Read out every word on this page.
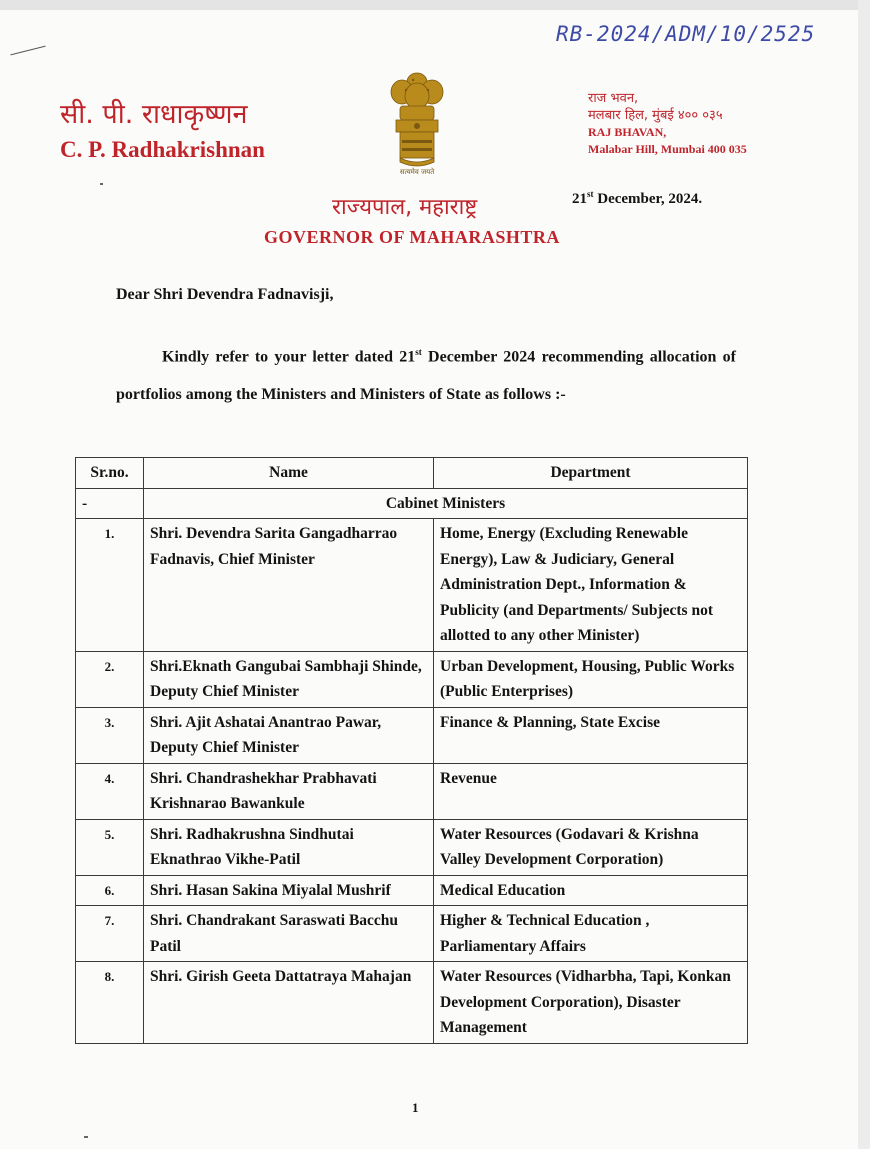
RB-2024/ADM/10/2525
सी. पी. राधाकृष्णन
C. P. Radhakrishnan
सत्यमेव जयते
राज भवन,
मलबार हिल, मुंबई ४०० ०३५
RAJ BHAVAN,
Malabar Hill, Mumbai 400 035
राज्यपाल, महाराष्ट्र
GOVERNOR OF MAHARASHTRA
21st December, 2024.
Dear Shri Devendra Fadnavisji,
Kindly refer to your letter dated 21st December 2024 recommending allocation of portfolios among the Ministers and Ministers of State as follows :-
Sr.no.	Name	Department
-	Cabinet Ministers	
1.	Shri. Devendra Sarita Gangadharrao Fadnavis, Chief Minister	Home, Energy (Excluding Renewable Energy), Law & Judiciary, General Administration Dept., Information & Publicity (and Departments/ Subjects not allotted to any other Minister)
2.	Shri.Eknath Gangubai Sambhaji Shinde, Deputy Chief Minister	Urban Development, Housing, Public Works (Public Enterprises)
3.	Shri. Ajit Ashatai Anantrao Pawar, Deputy Chief Minister	Finance & Planning, State Excise
4.	Shri. Chandrashekhar Prabhavati Krishnarao Bawankule	Revenue
5.	Shri. Radhakrushna Sindhutai Eknathrao Vikhe-Patil	Water Resources (Godavari & Krishna Valley Development Corporation)
6.	Shri. Hasan Sakina Miyalal Mushrif	Medical Education
7.	Shri. Chandrakant Saraswati Bacchu Patil	Higher & Technical Education , Parliamentary Affairs
8.	Shri. Girish Geeta Dattatraya Mahajan	Water Resources (Vidharbha, Tapi, Konkan Development Corporation), Disaster Management
1
